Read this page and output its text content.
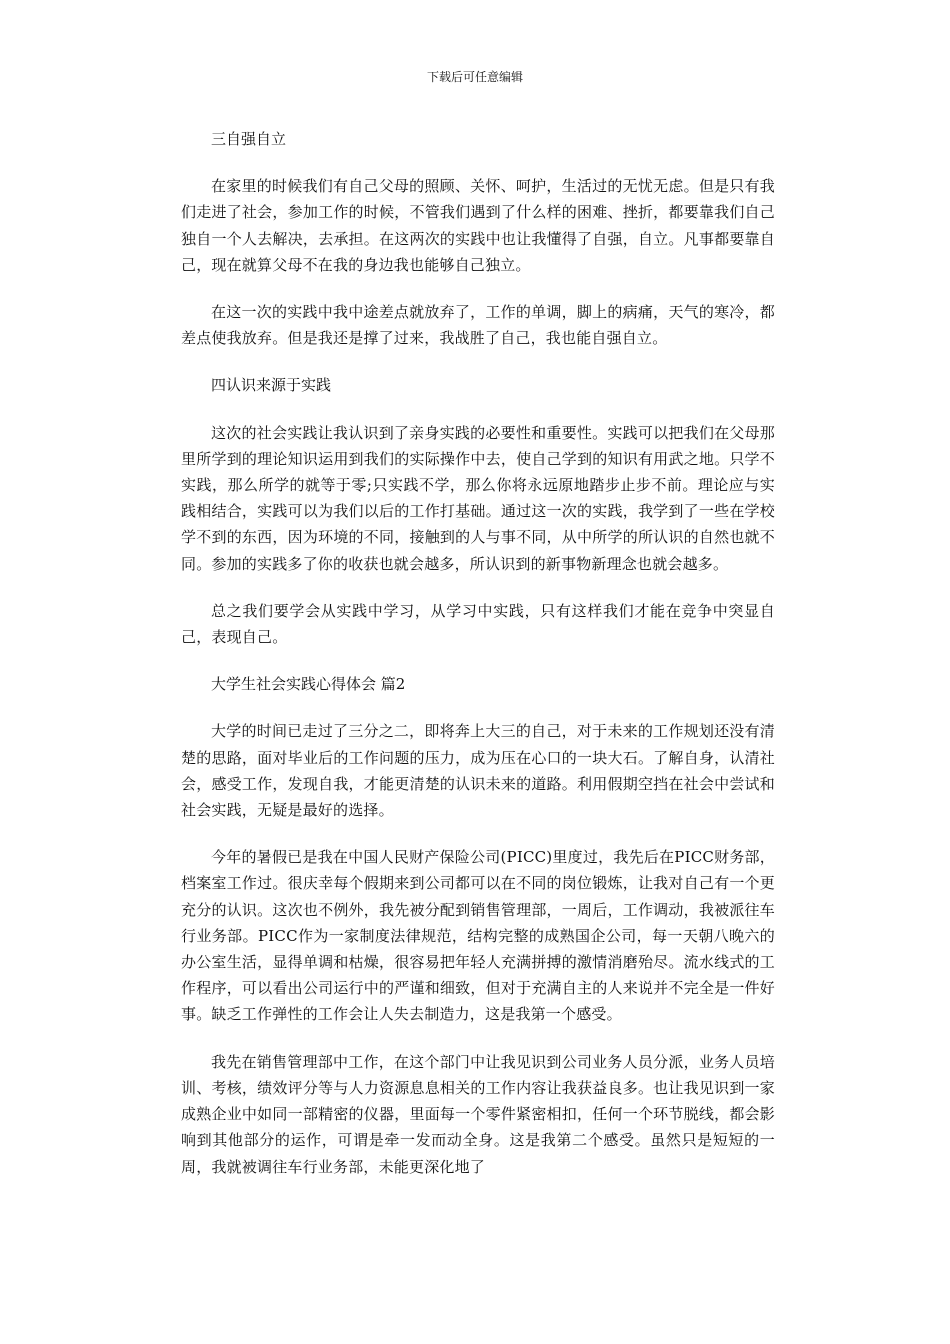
下载后可任意编辑

三自强自立

在家里的时候我们有自己父母的照顾、关怀、呵护，生活过的无忧无虑。但是只有我们走进了社会，参加工作的时候，不管我们遇到了什么样的困难、挫折，都要靠我们自己独自一个人去解决，去承担。在这两次的实践中也让我懂得了自强，自立。凡事都要靠自己，现在就算父母不在我的身边我也能够自己独立。

在这一次的实践中我中途差点就放弃了，工作的单调，脚上的病痛，天气的寒冷，都差点使我放弃。但是我还是撑了过来，我战胜了自己，我也能自强自立。

四认识来源于实践

这次的社会实践让我认识到了亲身实践的必要性和重要性。实践可以把我们在父母那里所学到的理论知识运用到我们的实际操作中去，使自己学到的知识有用武之地。只学不实践，那么所学的就等于零;只实践不学，那么你将永远原地踏步止步不前。理论应与实践相结合，实践可以为我们以后的工作打基础。通过这一次的实践，我学到了一些在学校学不到的东西，因为环境的不同，接触到的人与事不同，从中所学的所认识的自然也就不同。参加的实践多了你的收获也就会越多，所认识到的新事物新理念也就会越多。

总之我们要学会从实践中学习，从学习中实践，只有这样我们才能在竞争中突显自己，表现自己。

大学生社会实践心得体会 篇2

大学的时间已走过了三分之二，即将奔上大三的自己，对于未来的工作规划还没有清楚的思路，面对毕业后的工作问题的压力，成为压在心口的一块大石。了解自身，认清社会，感受工作，发现自我，才能更清楚的认识未来的道路。利用假期空挡在社会中尝试和社会实践，无疑是最好的选择。

今年的暑假已是我在中国人民财产保险公司(PICC)里度过，我先后在PICC财务部，档案室工作过。很庆幸每个假期来到公司都可以在不同的岗位锻炼，让我对自己有一个更充分的认识。这次也不例外，我先被分配到销售管理部，一周后，工作调动，我被派往车行业务部。PICC作为一家制度法律规范，结构完整的成熟国企公司，每一天朝八晚六的办公室生活，显得单调和枯燥，很容易把年轻人充满拼搏的激情消磨殆尽。流水线式的工作程序，可以看出公司运行中的严谨和细致，但对于充满自主的人来说并不完全是一件好事。缺乏工作弹性的工作会让人失去制造力，这是我第一个感受。

我先在销售管理部中工作，在这个部门中让我见识到公司业务人员分派，业务人员培训、考核，绩效评分等与人力资源息息相关的工作内容让我获益良多。也让我见识到一家成熟企业中如同一部精密的仪器，里面每一个零件紧密相扣，任何一个环节脱线，都会影响到其他部分的运作，可谓是牵一发而动全身。这是我第二个感受。虽然只是短短的一周，我就被调往车行业务部，未能更深化地了
